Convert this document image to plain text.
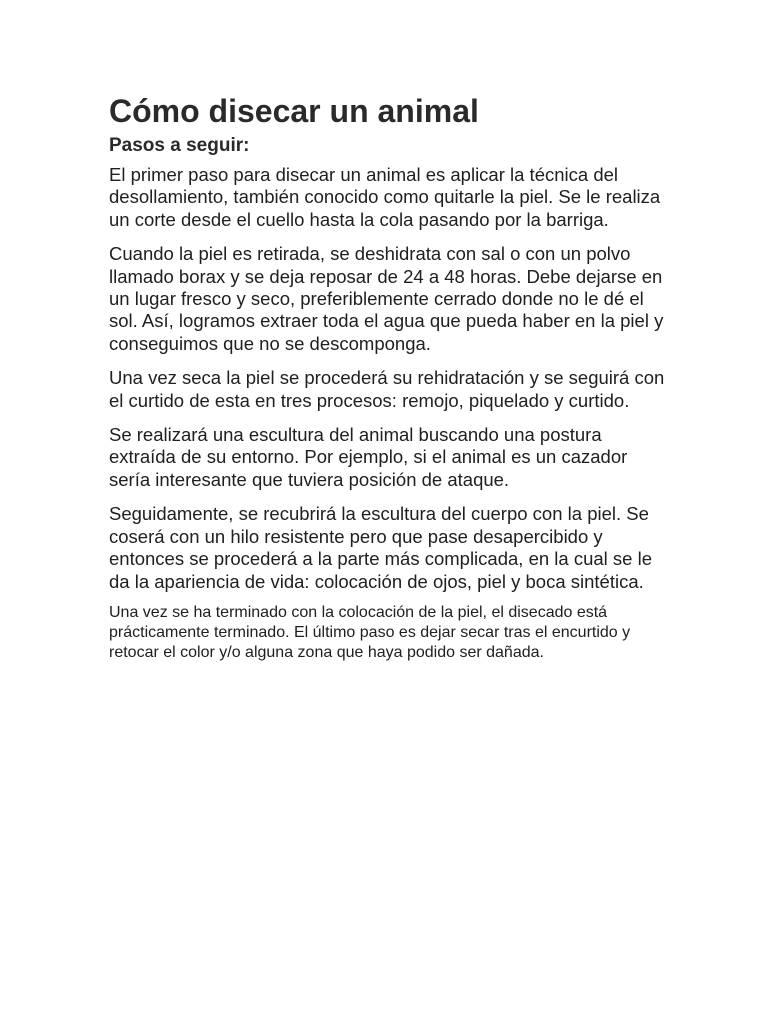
Cómo disecar un animal
Pasos a seguir:

El primer paso para disecar un animal es aplicar la técnica del desollamiento, también conocido como quitarle la piel. Se le realiza un corte desde el cuello hasta la cola pasando por la barriga.

Cuando la piel es retirada, se deshidrata con sal o con un polvo llamado borax y se deja reposar de 24 a 48 horas. Debe dejarse en un lugar fresco y seco, preferiblemente cerrado donde no le dé el sol. Así, logramos extraer toda el agua que pueda haber en la piel y conseguimos que no se descomponga.

Una vez seca la piel se procederá su rehidratación y se seguirá con el curtido de esta en tres procesos: remojo, piquelado y curtido.

Se realizará una escultura del animal buscando una postura extraída de su entorno. Por ejemplo, si el animal es un cazador sería interesante que tuviera posición de ataque.

Seguidamente, se recubrirá la escultura del cuerpo con la piel. Se coserá con un hilo resistente pero que pase desapercibido y entonces se procederá a la parte más complicada, en la cual se le da la apariencia de vida: colocación de ojos, piel y boca sintética.

Una vez se ha terminado con la colocación de la piel, el disecado está prácticamente terminado. El último paso es dejar secar tras el encurtido y retocar el color y/o alguna zona que haya podido ser dañada.
